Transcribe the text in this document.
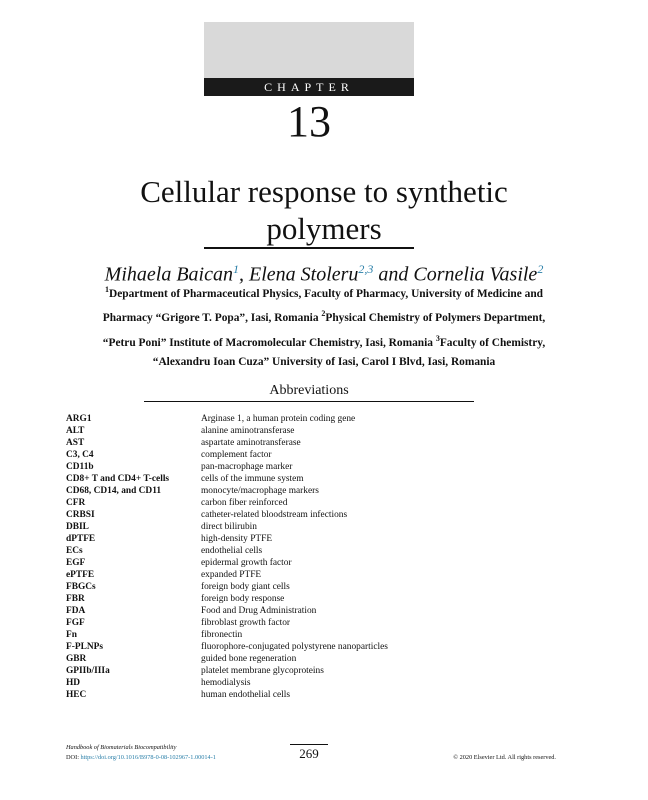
CHAPTER
13
Cellular response to synthetic
polymers
Mihaela Baican$^1$, Elena Stoleru$^{2,3}$ and Cornelia Vasile$^2$
$^1$Department of Pharmaceutical Physics, Faculty of Pharmacy, University of Medicine and
Pharmacy “Grigore T. Popa”, Iasi, Romania $^2$Physical Chemistry of Polymers Department,
“Petru Poni” Institute of Macromolecular Chemistry, Iasi, Romania $^3$Faculty of Chemistry,
“Alexandru Ioan Cuza” University of Iasi, Carol I Blvd, Iasi, Romania
Abbreviations
ARG1	Arginase 1, a human protein coding gene
ALT	alanine aminotransferase
AST	aspartate aminotransferase
C3, C4	complement factor
CD11b	pan-macrophage marker
CD8+ T and CD4+ T-cells	cells of the immune system
CD68, CD14, and CD11	monocyte/macrophage markers
CFR	carbon fiber reinforced
CRBSI	catheter-related bloodstream infections
DBIL	direct bilirubin
dPTFE	high-density PTFE
ECs	endothelial cells
EGF	epidermal growth factor
ePTFE	expanded PTFE
FBGCs	foreign body giant cells
FBR	foreign body response
FDA	Food and Drug Administration
FGF	fibroblast growth factor
Fn	fibronectin
F-PLNPs	fluorophore-conjugated polystyrene nanoparticles
GBR	guided bone regeneration
GPIIb/IIIa	platelet membrane glycoproteins
HD	hemodialysis
HEC	human endothelial cells
Handbook of Biomaterials Biocompatibility
DOI: https://doi.org/10.1016/B978-0-08-102967-1.00014-1	269	© 2020 Elsevier Ltd. All rights reserved.
